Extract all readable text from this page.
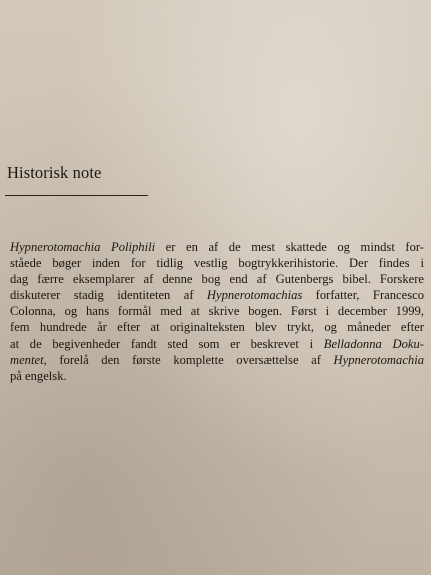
Historisk note
Hypnerotomachia Poliphili er en af de mest skattede og mindst for-
ståede bøger inden for tidlig vestlig bogtrykkerihistorie. Der findes i
dag færre eksemplarer af denne bog end af Gutenbergs bibel. Forskere
diskuterer stadig identiteten af Hypnerotomachias forfatter, Francesco
Colonna, og hans formål med at skrive bogen. Først i december 1999,
fem hundrede år efter at originalteksten blev trykt, og måneder efter
at de begivenheder fandt sted som er beskrevet i Belladonna Doku-
mentet, forelå den første komplette oversættelse af Hypnerotomachia
på engelsk.
